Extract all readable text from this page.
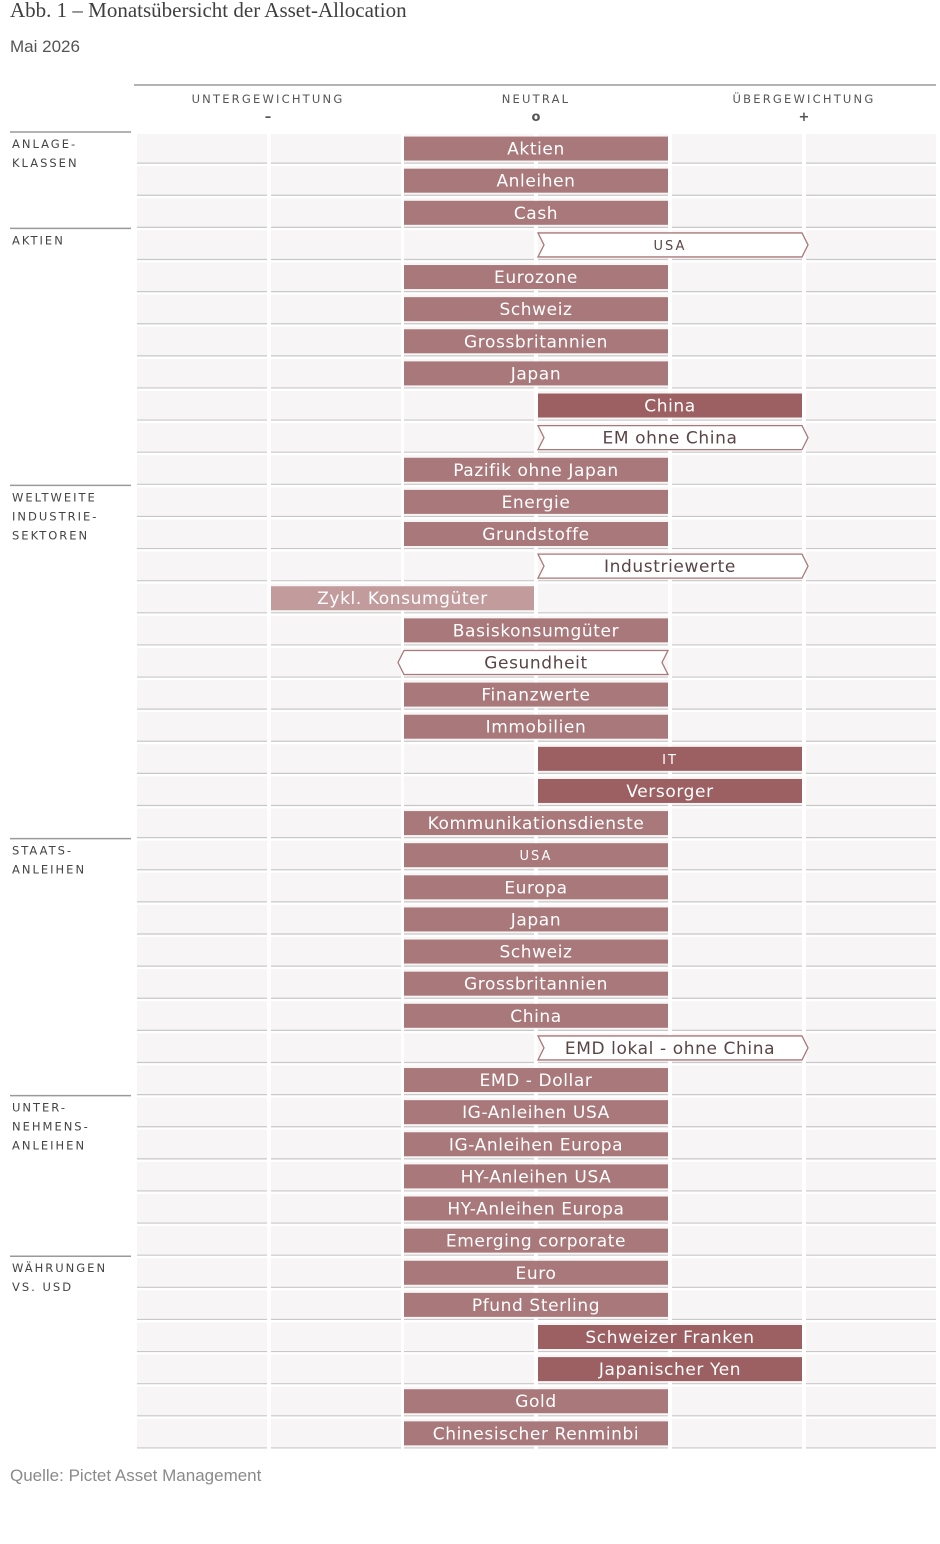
Abb. 1 – Monatsübersicht der Asset-Allocation
Mai 2026
UNTERGEWICHTUNG
–
NEUTRAL
o
ÜBERGEWICHTUNG
+
ANLAGE-
KLASSEN
Aktien
Anleihen
Cash
AKTIEN	USA
Eurozone
Schweiz
Grossbritannien
Japan
China
EM ohne China
Pazifik ohne Japan
WELTWEITE
INDUSTRIE-
SEKTOREN
Energie
Grundstoffe
Industriewerte
Zykl. Konsumgüter
Basiskonsumgüter
Gesundheit
Finanzwerte
Immobilien
IT
Versorger
Kommunikationsdienste
STAATS-
ANLEIHEN
USA
Europa
Japan
Schweiz
Grossbritannien
China
EMD lokal - ohne China
EMD - Dollar
UNTER-
NEHMENS-
ANLEIHEN
IG-Anleihen USA
IG-Anleihen Europa
HY-Anleihen USA
HY-Anleihen Europa
Emerging corporate
WÄHRUNGEN
VS. USD
Euro
Pfund Sterling
Schweizer Franken
Japanischer Yen
Gold
Chinesischer Renminbi
Quelle: Pictet Asset Management
